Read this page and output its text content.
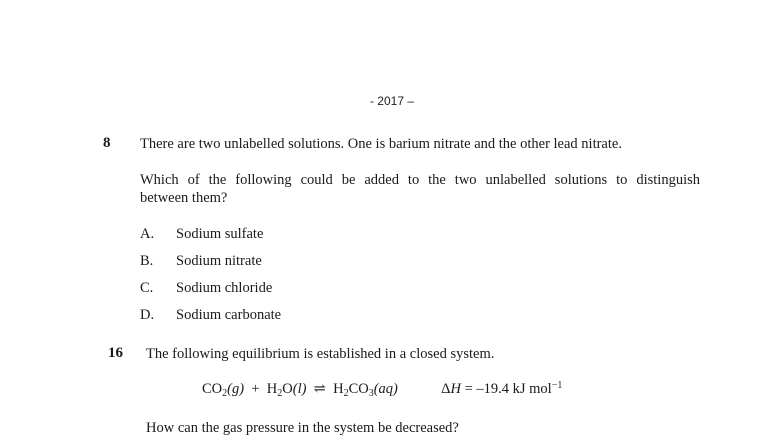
- 2017 –
8 There are two unlabelled solutions. One is barium nitrate and the other lead nitrate.
Which of the following could be added to the two unlabelled solutions to distinguish
between them?
A. Sodium sulfate
B. Sodium nitrate
C. Sodium chloride
D. Sodium carbonate
16 The following equilibrium is established in a closed system.
$CO_2(g) + H_2O(l)$ ⇌ $H_2CO_3(aq)$	ΔH = –19.4 kJ mol$^{-1}$
How can the gas pressure in the system be decreased?
